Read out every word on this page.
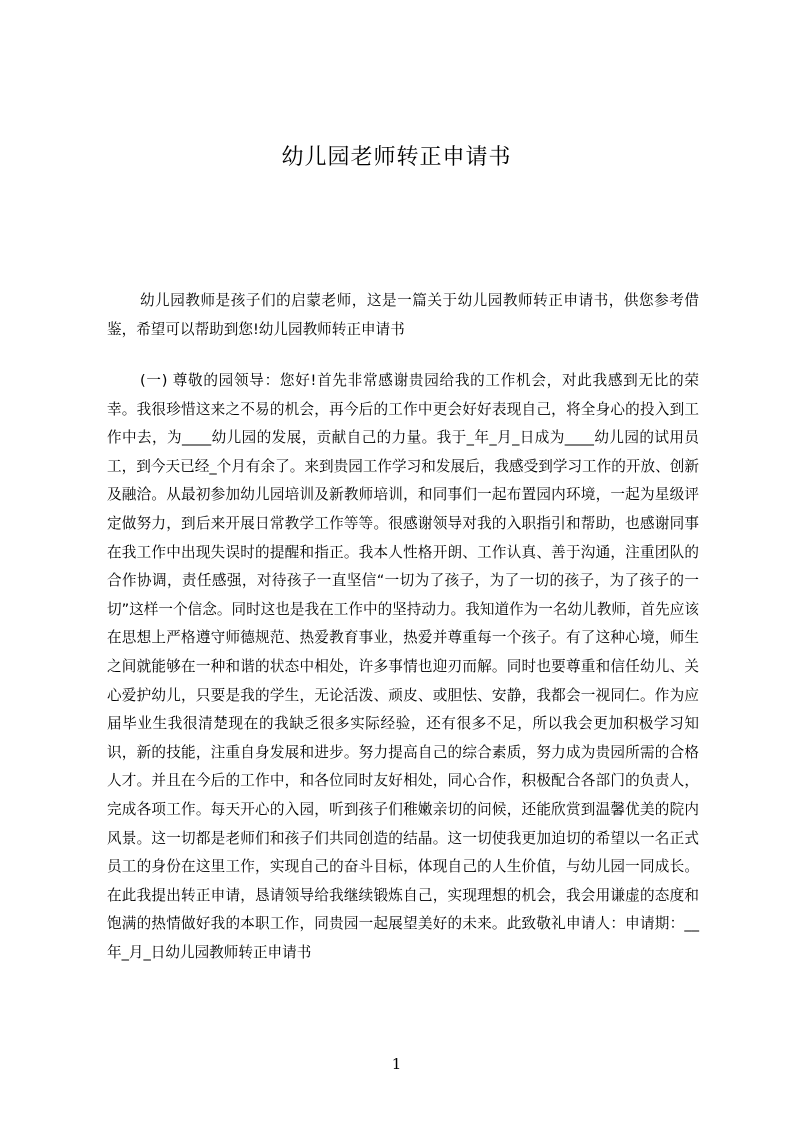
幼儿园老师转正申请书

幼儿园教师是孩子们的启蒙老师，这是一篇关于幼儿园教师转正申请书，供您参考借鉴，希望可以帮助到您!幼儿园教师转正申请书

(一) 尊敬的园领导：您好!首先非常感谢贵园给我的工作机会，对此我感到无比的荣幸。我很珍惜这来之不易的机会，再今后的工作中更会好好表现自己，将全身心的投入到工作中去，为____幼儿园的发展，贡献自己的力量。我于_年_月_日成为____幼儿园的试用员工，到今天已经_个月有余了。来到贵园工作学习和发展后，我感受到学习工作的开放、创新及融洽。从最初参加幼儿园培训及新教师培训，和同事们一起布置园内环境，一起为星级评定做努力，到后来开展日常教学工作等等。很感谢领导对我的入职指引和帮助，也感谢同事在我工作中出现失误时的提醒和指正。我本人性格开朗、工作认真、善于沟通，注重团队的合作协调，责任感强，对待孩子一直坚信“一切为了孩子，为了一切的孩子，为了孩子的一切”这样一个信念。同时这也是我在工作中的坚持动力。我知道作为一名幼儿教师，首先应该在思想上严格遵守师德规范、热爱教育事业，热爱并尊重每一个孩子。有了这种心境，师生之间就能够在一种和谐的状态中相处，许多事情也迎刃而解。同时也要尊重和信任幼儿、关心爱护幼儿，只要是我的学生，无论活泼、顽皮、或胆怯、安静，我都会一视同仁。作为应届毕业生我很清楚现在的我缺乏很多实际经验，还有很多不足，所以我会更加积极学习知识，新的技能，注重自身发展和进步。努力提高自己的综合素质，努力成为贵园所需的合格人才。并且在今后的工作中，和各位同时友好相处，同心合作，积极配合各部门的负责人，完成各项工作。每天开心的入园，听到孩子们稚嫩亲切的问候，还能欣赏到温馨优美的院内风景。这一切都是老师们和孩子们共同创造的结晶。这一切使我更加迫切的希望以一名正式员工的身份在这里工作，实现自己的奋斗目标，体现自己的人生价值，与幼儿园一同成长。在此我提出转正申请，恳请领导给我继续锻炼自己，实现理想的机会，我会用谦虚的态度和饱满的热情做好我的本职工作，同贵园一起展望美好的未来。此致敬礼申请人：申请期：__年_月_日幼儿园教师转正申请书

1
